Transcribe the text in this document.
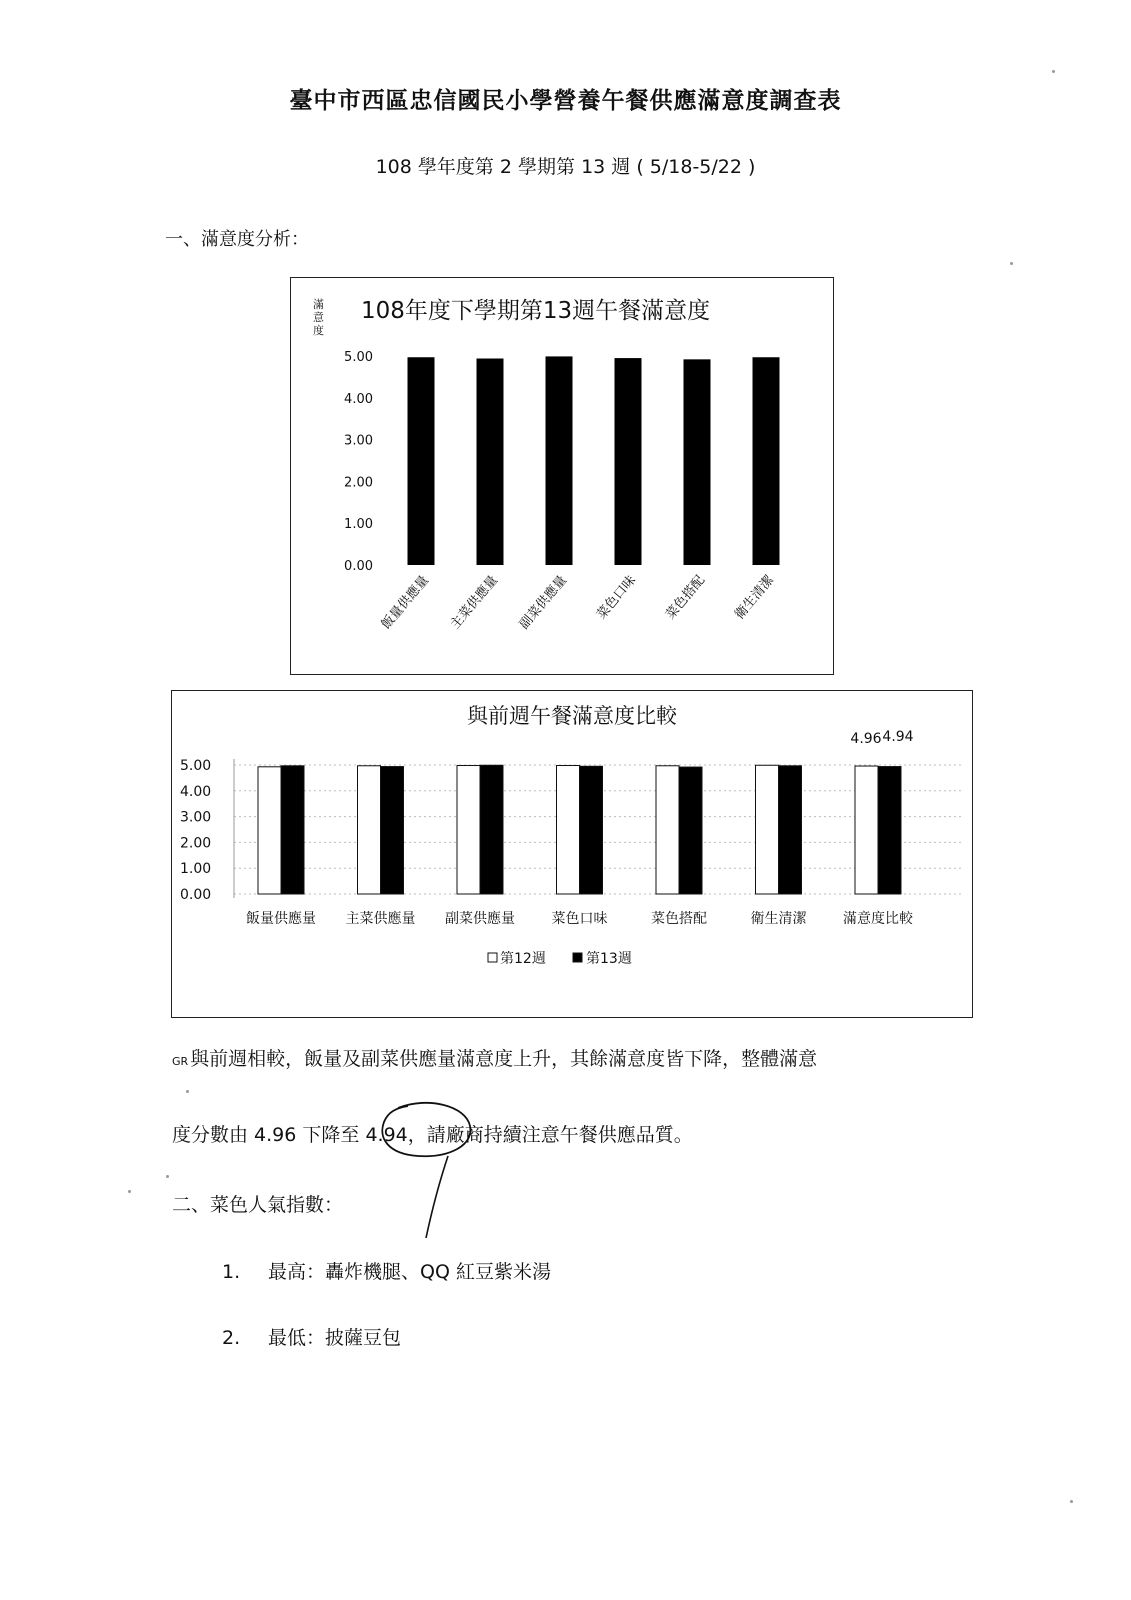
臺中市西區忠信國民小學營養午餐供應滿意度調查表
108 學年度第 2 學期第 13 週 ( 5/18-5/22 )
一、滿意度分析：
108年度下學期第13週午餐滿意度
滿意度
5.00
4.00
3.00
2.00
1.00
0.00
飯量供應量 主菜供應量 副菜供應量 菜色口味 菜色搭配 衛生清潔
與前週午餐滿意度比較
5.00
4.00
3.00
2.00
1.00
0.00
飯量供應量 主菜供應量 副菜供應量	菜色口味	菜色搭配	衛生清潔	滿意度比較
4.96 4.94
第12週	第13週
GR 與前週相較，飯量及副菜供應量滿意度上升，其餘滿意度皆下降，整體滿意
度分數由 4.96 下降至 4.94，請廠商持續注意午餐供應品質。
二、菜色人氣指數：
1. 最高：轟炸機腿、QQ 紅豆紫米湯
2. 最低：披薩豆包
